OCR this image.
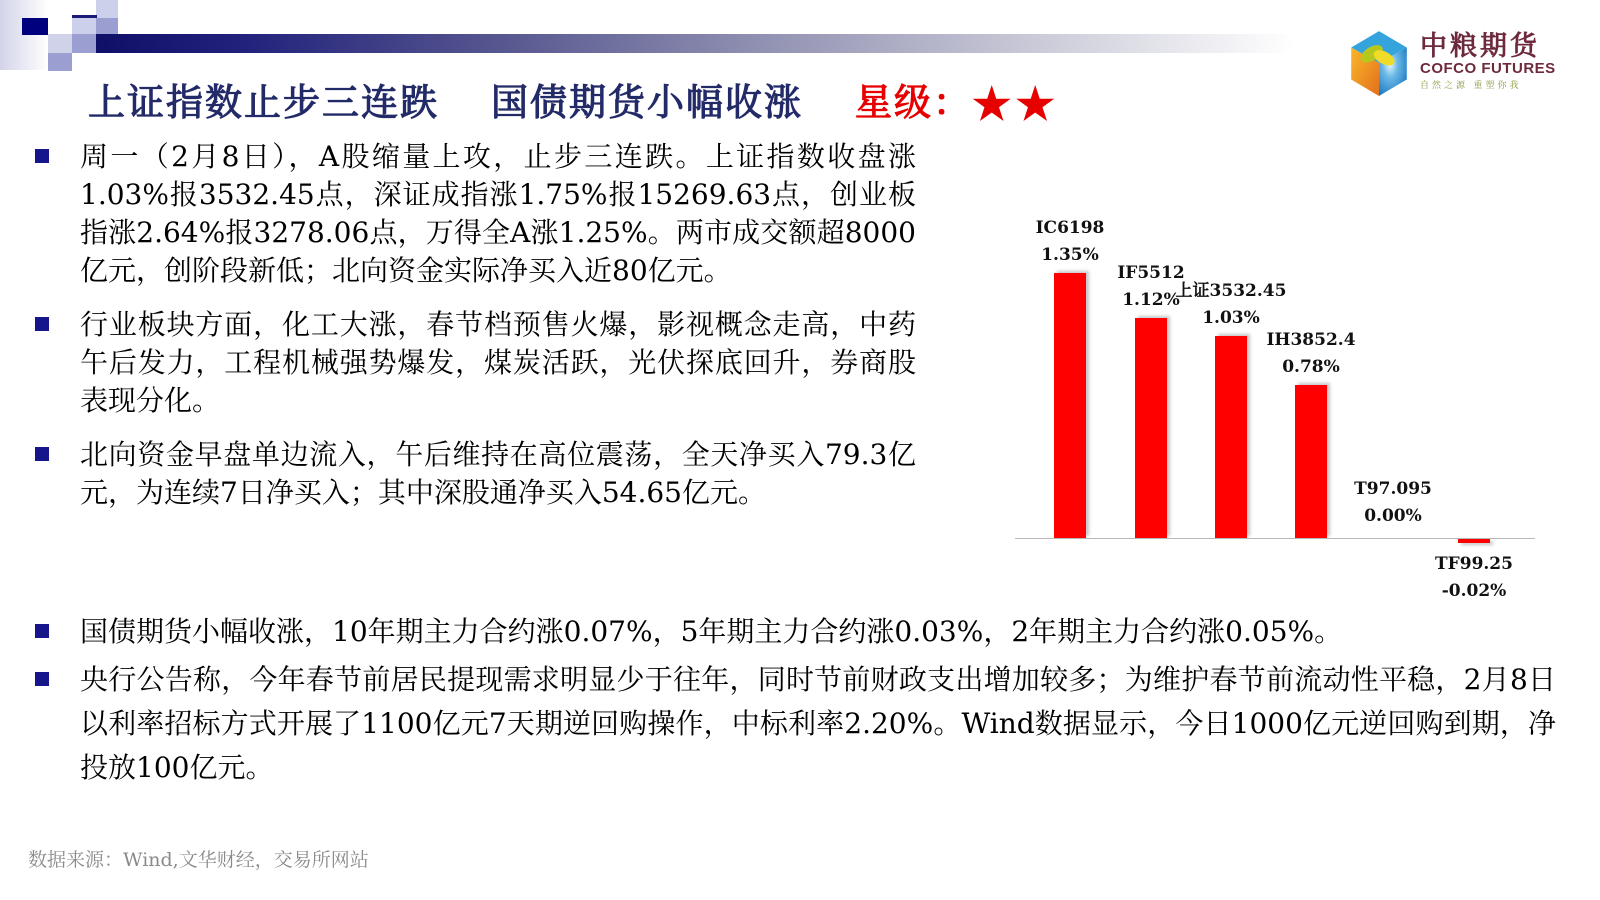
中粮期货
COFCO FUTURES
自然之源 重塑你我
上证指数止步三连跌 国债期货小幅收涨 星级：★★
周一（2月8日），A股缩量上攻，止步三连跌。上证指数收盘涨1.03%报3532.45点，深证成指涨1.75%报15269.63点，创业板指涨2.64%报3278.06点，万得全A涨1.25%。两市成交额超8000亿元，创阶段新低；北向资金实际净买入近80亿元。
行业板块方面，化工大涨，春节档预售火爆，影视概念走高，中药午后发力，工程机械强势爆发，煤炭活跃，光伏探底回升，券商股表现分化。
北向资金早盘单边流入，午后维持在高位震荡，全天净买入79.3亿元，为连续7日净买入；其中深股通净买入54.65亿元。
国债期货小幅收涨，10年期主力合约涨0.07%，5年期主力合约涨0.03%，2年期主力合约涨0.05%。
央行公告称，今年春节前居民提现需求明显少于往年，同时节前财政支出增加较多；为维护春节前流动性平稳，2月8日以利率招标方式开展了1100亿元7天期逆回购操作，中标利率2.20%。Wind数据显示，今日1000亿元逆回购到期，净投放100亿元。
IC6198
1.35%
IF5512
1.12%
上证3532.45
1.03%
IH3852.4
0.78%
T97.095
0.00%
TF99.25
-0.02%
数据来源：Wind,文华财经，交易所网站
